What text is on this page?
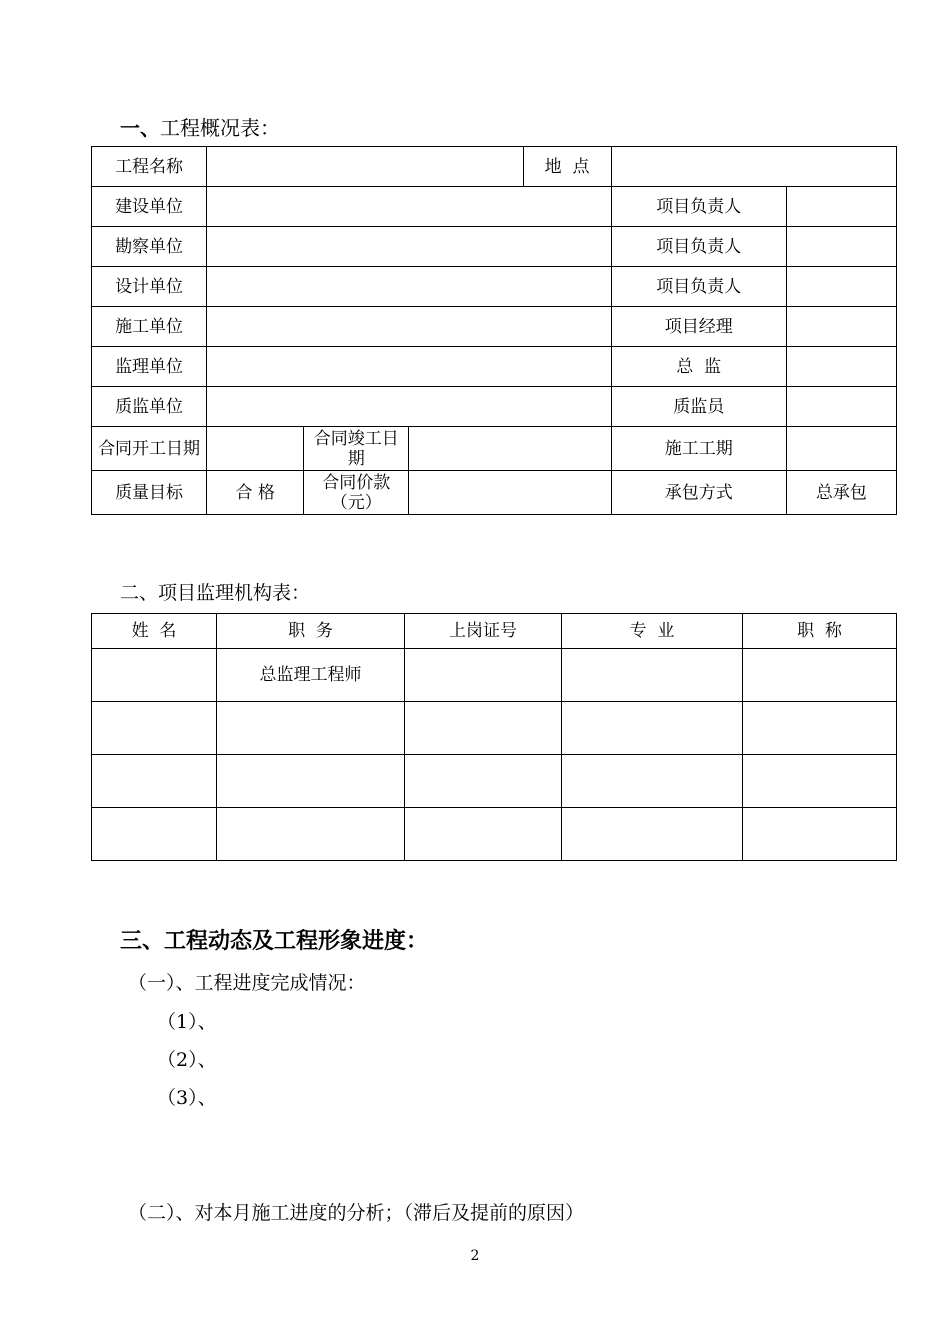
一、工程概况表：
工程名称				地  点		
建设单位					项目负责人	
勘察单位					项目负责人	
设计单位					项目负责人	
施工单位					项目经理	
监理单位					总  监	
质监单位					质监员	
合同开工日期		合同竣工日期			施工工期	
质量目标	合 格	合同价款（元）			承包方式	总承包
二、项目监理机构表：
姓  名	职  务	上岗证号	专  业	职  称
	总监理工程师			

三、工程动态及工程形象进度：
（一）、工程进度完成情况：
（1）、
（2）、
（3）、
（二）、对本月施工进度的分析；（滞后及提前的原因）
2
